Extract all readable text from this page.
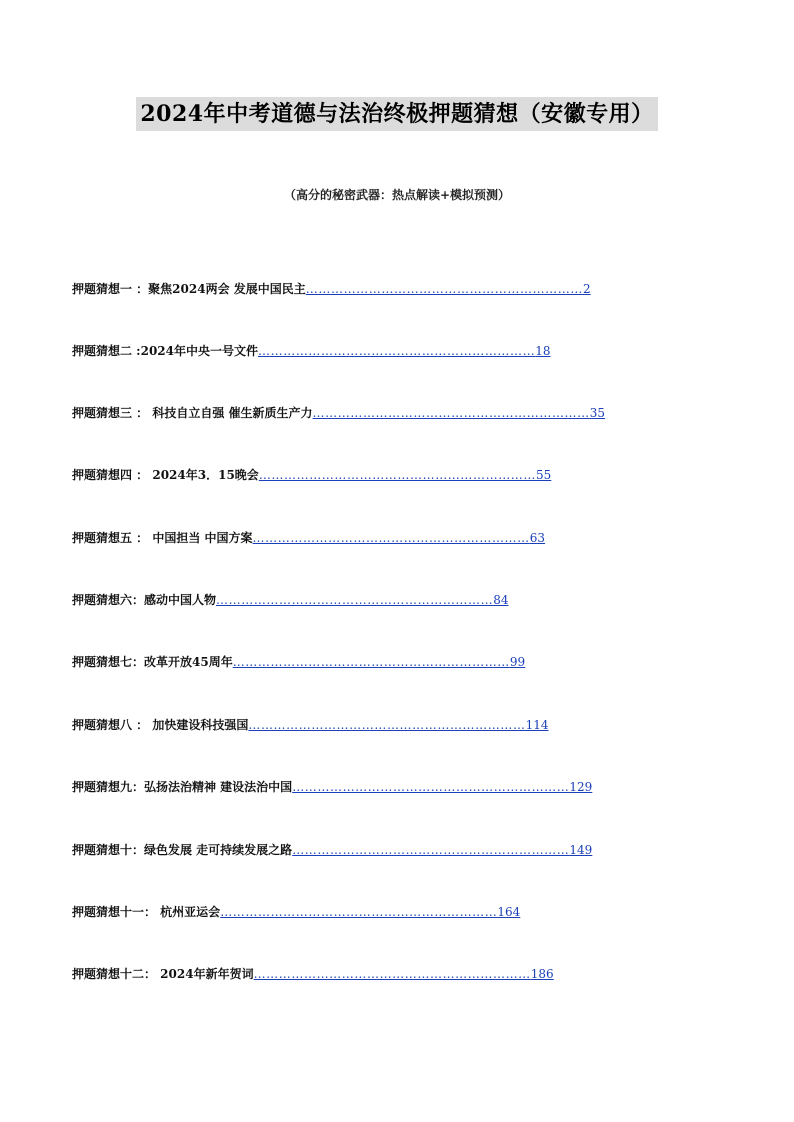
2024年中考道德与法治终极押题猜想（安徽专用）
（高分的秘密武器：热点解读+模拟预测）
押题猜想一 ：聚焦2024两会 发展中国民主…………………………………………………………2
押题猜想二 :2024年中央一号文件…………………………………………………………18
押题猜想三 ： 科技自立自强 催生新质生产力…………………………………………………………35
押题猜想四 ： 2024年3．15晚会…………………………………………………………55
押题猜想五 ： 中国担当 中国方案…………………………………………………………63
押题猜想六：感动中国人物…………………………………………………………84
押题猜想七：改革开放45周年…………………………………………………………99
押题猜想八 ： 加快建设科技强国…………………………………………………………114
押题猜想九：弘扬法治精神 建设法治中国…………………………………………………………129
押题猜想十：绿色发展 走可持续发展之路…………………………………………………………149
押题猜想十一： 杭州亚运会…………………………………………………………164
押题猜想十二： 2024年新年贺词…………………………………………………………186
